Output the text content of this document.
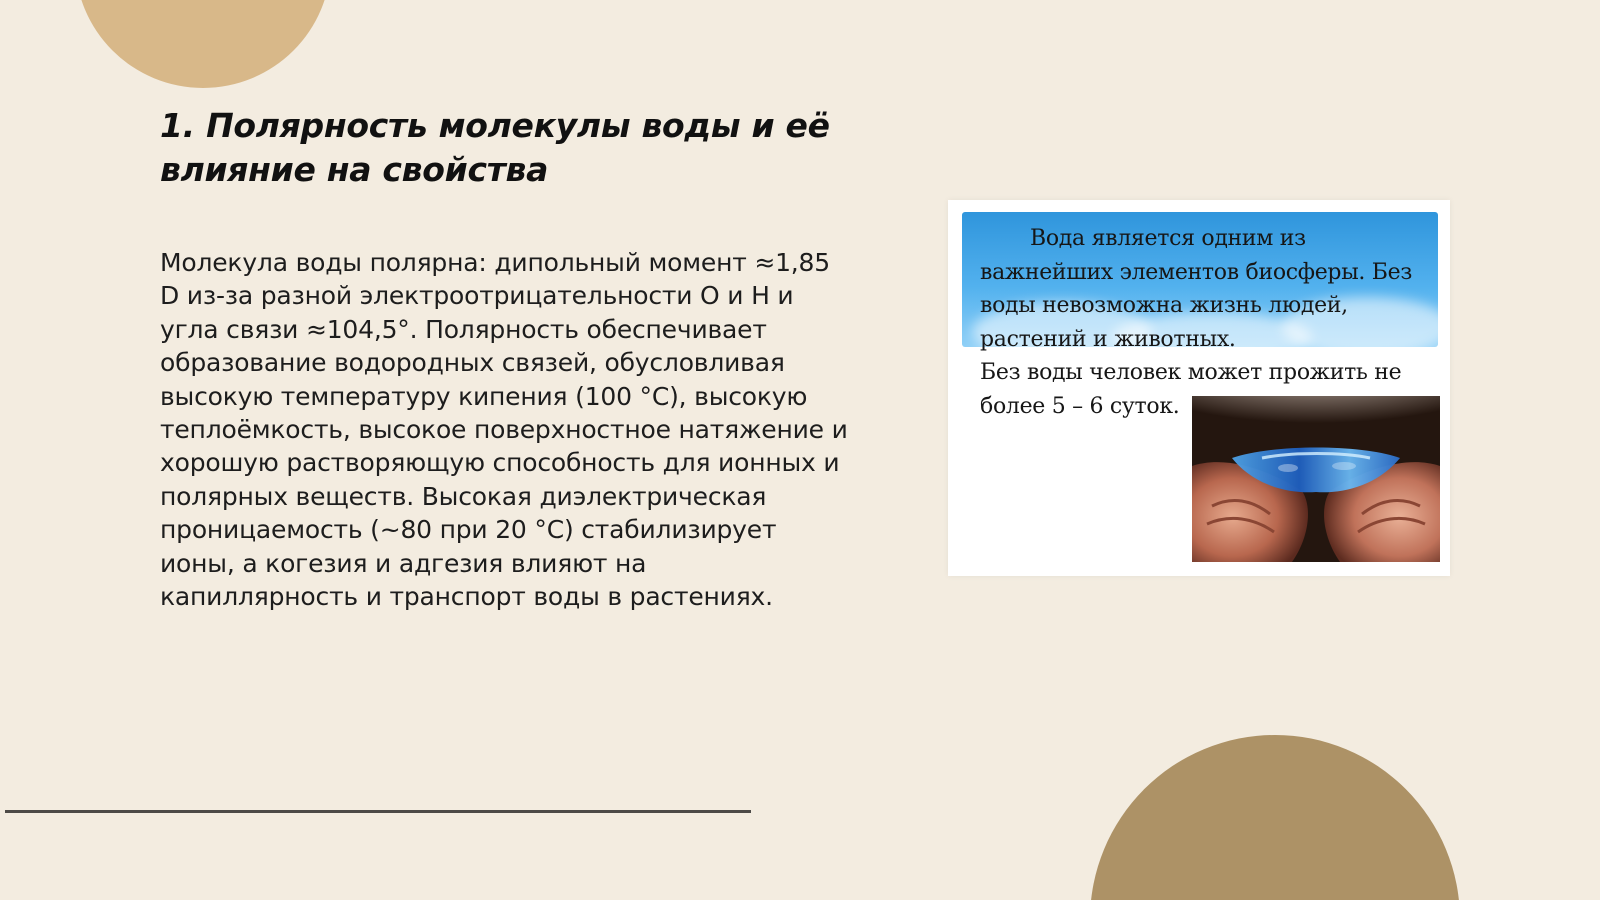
1. Полярность молекулы воды и её влияние на свойства

Молекула воды полярна: дипольный момент ≈1,85 D из-за разной электроотрицательности O и H и угла связи ≈104,5°. Полярность обеспечивает образование водородных связей, обусловливая высокую температуру кипения (100 °C), высокую теплоёмкость, высокое поверхностное натяжение и хорошую растворяющую способность для ионных и полярных веществ. Высокая диэлектрическая проницаемость (~80 при 20 °C) стабилизирует ионы, а когезия и адгезия влияют на капиллярность и транспорт воды в растениях.

Вода является одним из важнейших элементов биосферы. Без воды невозможна жизнь людей, растений и животных.
Без воды человек может прожить не более 5 – 6 суток.
